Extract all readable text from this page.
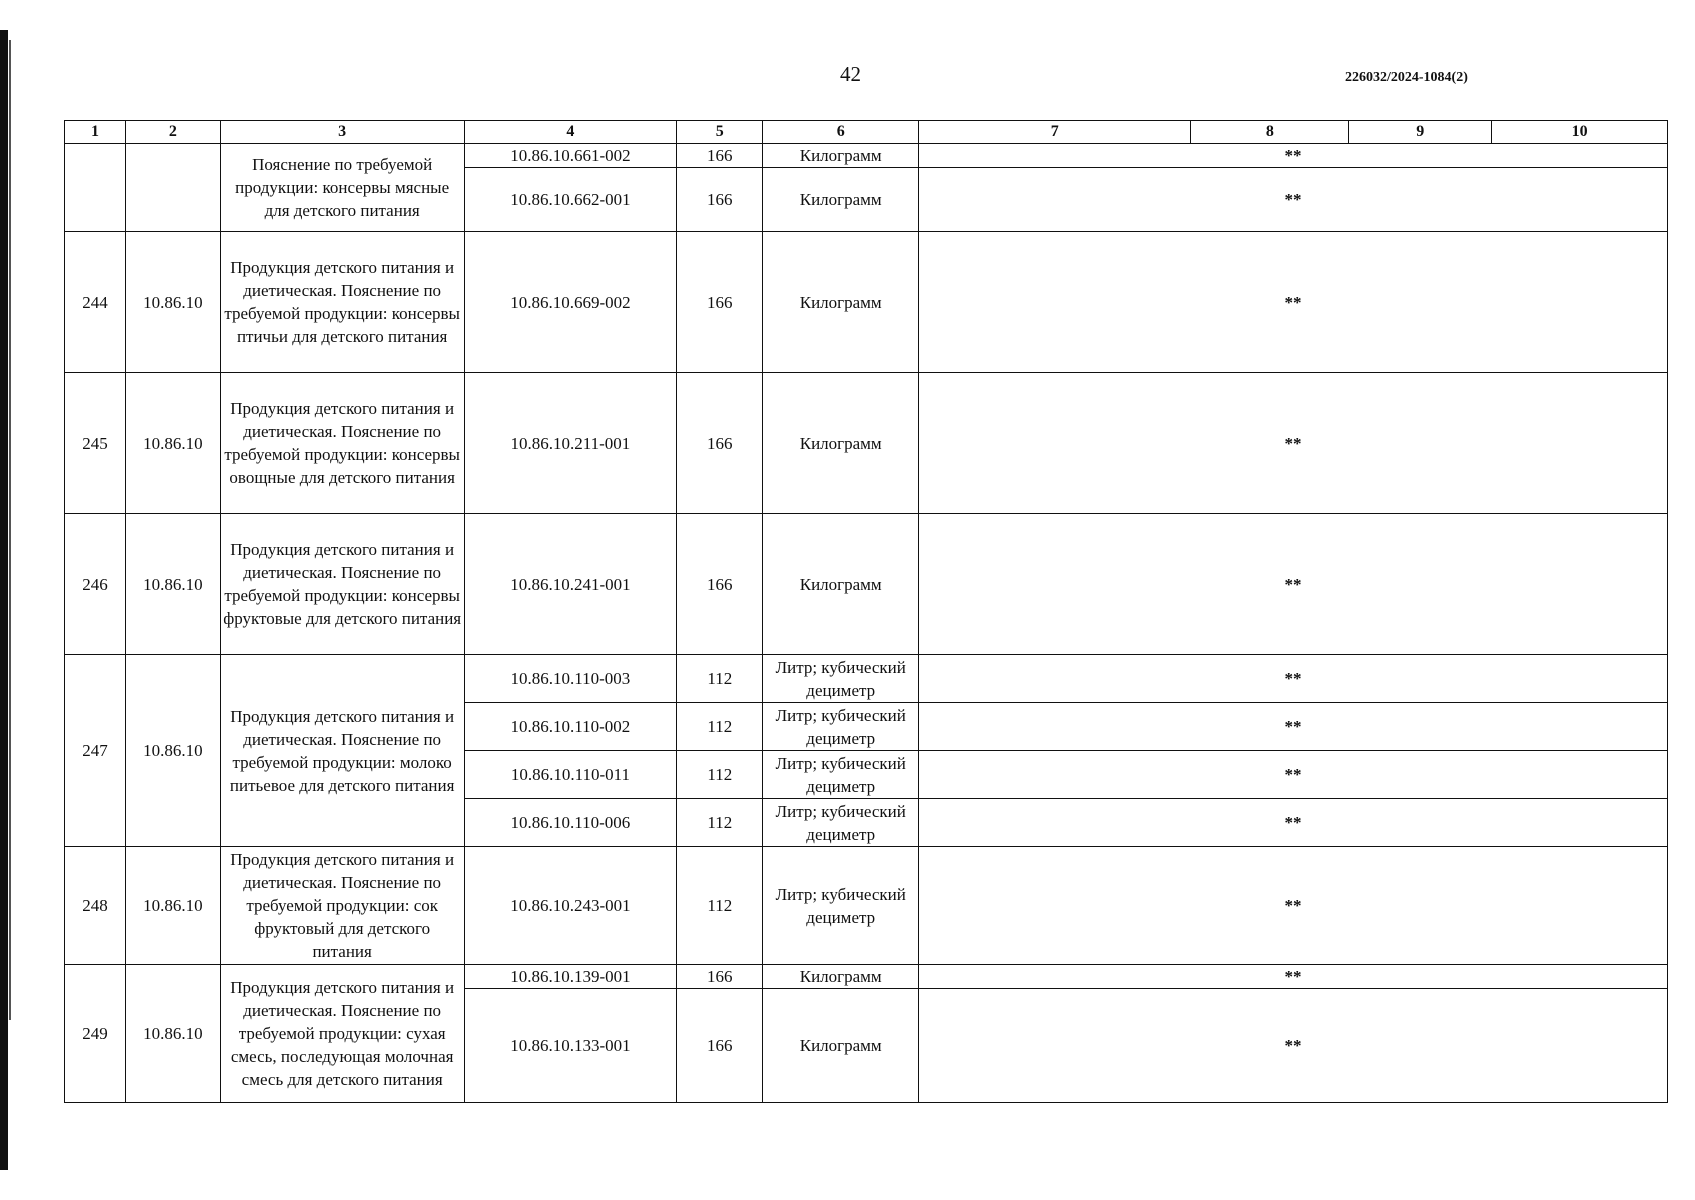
42	226032/2024-1084(2)
1	2	3	4	5	6	7	8	9	10
		Пояснение по требуемой продукции: консервы мясные для детского питания	10.86.10.661-002	166	Килограмм	**			
			10.86.10.662-001	166	Килограмм	**			
244	10.86.10	Продукция детского питания и диетическая. Пояснение по требуемой продукции: консервы птичьи для детского питания	10.86.10.669-002	166	Килограмм	**			
245	10.86.10	Продукция детского питания и диетическая. Пояснение по требуемой продукции: консервы овощные для детского питания	10.86.10.211-001	166	Килограмм	**			
246	10.86.10	Продукция детского питания и диетическая. Пояснение по требуемой продукции: консервы фруктовые для детского питания	10.86.10.241-001	166	Килограмм	**			
247	10.86.10	Продукция детского питания и диетическая. Пояснение по требуемой продукции: молоко питьевое для детского питания	10.86.10.110-003	112	Литр; кубический дециметр	**			
			10.86.10.110-002	112	Литр; кубический дециметр	**			
			10.86.10.110-011	112	Литр; кубический дециметр	**			
			10.86.10.110-006	112	Литр; кубический дециметр	**			
248	10.86.10	Продукция детского питания и диетическая. Пояснение по требуемой продукции: сок фруктовый для детского питания	10.86.10.243-001	112	Литр; кубический дециметр	**			
249	10.86.10	Продукция детского питания и диетическая. Пояснение по требуемой продукции: сухая смесь, последующая молочная смесь для детского питания	10.86.10.139-001	166	Килограмм	**			
			10.86.10.133-001	166	Килограмм	**			
